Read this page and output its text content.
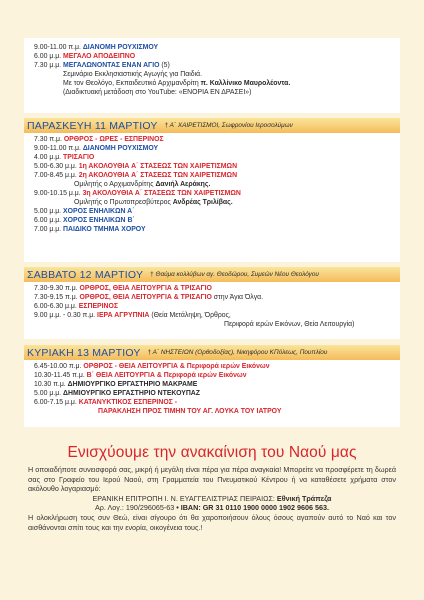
9.00-11.00 π.μ. ΔΙΑΝΟΜΗ ΡΟΥΧΙΣΜΟΥ
6.00 μ.μ. ΜΕΓΑΛΟ ΑΠΟΔΕΙΠΝΟ
7.30 μ.μ. ΜΕΓΑΛΩΝΟΝΤΑΣ ΕΝΑΝ ΑΓΙΟ (5)
Σεμινάριο Εκκλησιαστικής Αγωγής για Παιδιά.
Με τον Θεολόγο, Εκπαιδευτικό Αρχιμανδρίτη π. Καλλίνικο Μαυρολέοντα.
(Διαδικτυακή μετάδοση στο YouTube: «ΕΝΟΡΙΑ ΕΝ ΔΡΑΣΕΙ»)
ΠΑΡΑΣΚΕΥΗ 11 ΜΑΡΤΙΟΥ † Α΄ ΧΑΙΡΕΤΙΣΜΟΙ, Σωφρονίου Ιεροσολύμων
7.30 π.μ. ΟΡΘΡΟΣ - ΩΡΕΣ - ΕΣΠΕΡΙΝΟΣ
9.00-11.00 π.μ. ΔΙΑΝΟΜΗ ΡΟΥΧΙΣΜΟΥ
4.00 μ.μ. ΤΡΙΣΑΓΙΟ
5.00-6.30 μ.μ. 1η ΑΚΟΛΟΥΘΙΑ Α΄ ΣΤΑΣΕΩΣ ΤΩΝ ΧΑΙΡΕΤΙΣΜΩΝ
7.00-8.45 μ.μ. 2η ΑΚΟΛΟΥΘΙΑ Α΄ ΣΤΑΣΕΩΣ ΤΩΝ ΧΑΙΡΕΤΙΣΜΩΝ
Ομιλητής ο Αρχιμανδρίτης Δανιήλ Αεράκης.
9.00-10.15 μ.μ. 3η ΑΚΟΛΟΥΘΙΑ Α΄ ΣΤΑΣΕΩΣ ΤΩΝ ΧΑΙΡΕΤΙΣΜΩΝ
Ομιλητής ο Πρωτοπρεσβύτερος Ανδρέας Τριλίβας.
5.00 μ.μ. ΧΟΡΟΣ ΕΝΗΛΙΚΩΝ Α΄
6.00 μ.μ. ΧΟΡΟΣ ΕΝΗΛΙΚΩΝ Β΄
7.00 μ.μ. ΠΑΙΔΙΚΟ ΤΜΗΜΑ ΧΟΡΟΥ
ΣΑΒΒΑΤΟ 12 ΜΑΡΤΙΟΥ † Θαύμα κολλύβων αγ. Θεοδώρου, Συμεών Νέου Θεολόγου
7.30-9.30 π.μ. ΟΡΘΡΟΣ, ΘΕΙΑ ΛΕΙΤΟΥΡΓΙΑ & ΤΡΙΣΑΓΙΟ
7.30-9.15 π.μ. ΟΡΘΡΟΣ, ΘΕΙΑ ΛΕΙΤΟΥΡΓΙΑ & ΤΡΙΣΑΓΙΟ στην Άγια Όλγα.
6.00-6.30 μ.μ. ΕΣΠΕΡΙΝΟΣ
9.00 μ.μ. - 0.30 π.μ. ΙΕΡΑ ΑΓΡΥΠΝΙΑ (Θεία Μετάληψη, Όρθρος,
Περιφορά ιερών Εικόνων, Θεία Λειτουργία)
ΚΥΡΙΑΚΗ 13 ΜΑΡΤΙΟΥ † Α΄ ΝΗΣΤΕΙΩΝ (Ορθοδοξίας), Νικηφόρου ΚΠόλεως, Πουπλίου
6.45-10.00 π.μ. ΟΡΘΡΟΣ - ΘΕΙΑ ΛΕΙΤΟΥΡΓΙΑ & Περιφορά ιερών Εικόνων
10.30-11.45 π.μ. Β΄ ΘΕΙΑ ΛΕΙΤΟΥΡΓΙΑ & Περιφορά ιερών Εικόνων
10.30 π.μ. ΔΗΜΙΟΥΡΓΙΚΟ ΕΡΓΑΣΤΗΡΙΟ ΜΑΚΡΑΜΕ
5.00 μ.μ. ΔΗΜΙΟΥΡΓΙΚΟ ΕΡΓΑΣΤΗΡΙΟ ΝΤΕΚΟΥΠΑΖ
6.00-7.15 μ.μ. ΚΑΤΑΝΥΚΤΙΚΟΣ ΕΣΠΕΡΙΝΟΣ -
ΠΑΡΑΚΛΗΣΗ ΠΡΟΣ ΤΙΜΗΝ ΤΟΥ ΑΓ. ΛΟΥΚΑ ΤΟΥ ΙΑΤΡΟΥ
Ενισχύουμε την ανακαίνιση του Ναού μας

Η οποιαδήποτε συνεισφορά σας, μικρή ή μεγάλη είναι πέρα για πέρα αναγκαία! Μπορείτε να προσφέρετε τη δωρεά σας στο Γραφείο του Ιερού Ναού, στη Γραμματεία του Πνευματικού Κέντρου ή να καταθέσετε χρήματα στον ακόλουθο λογαριασμό:

ΕΡΑΝΙΚΗ ΕΠΙΤΡΟΠΗ Ι. Ν. ΕΥΑΓΓΕΛΙΣΤΡΙΑΣ ΠΕΙΡΑΙΩΣ: Εθνική Τράπεζα

Αρ. Λογ.: 190/296065-63 • IBAN: GR 31 0110 1900 0000 1902 9606 563.

Η ολοκλήρωση τους συν Θεώ, είναι σίγουρο ότι θα χαροποιήσουν όλους όσους αγαπούν αυτό το Ναό και τον αισθάνονται σπίτι τους και την ενορία, οικογένεια τους.!
